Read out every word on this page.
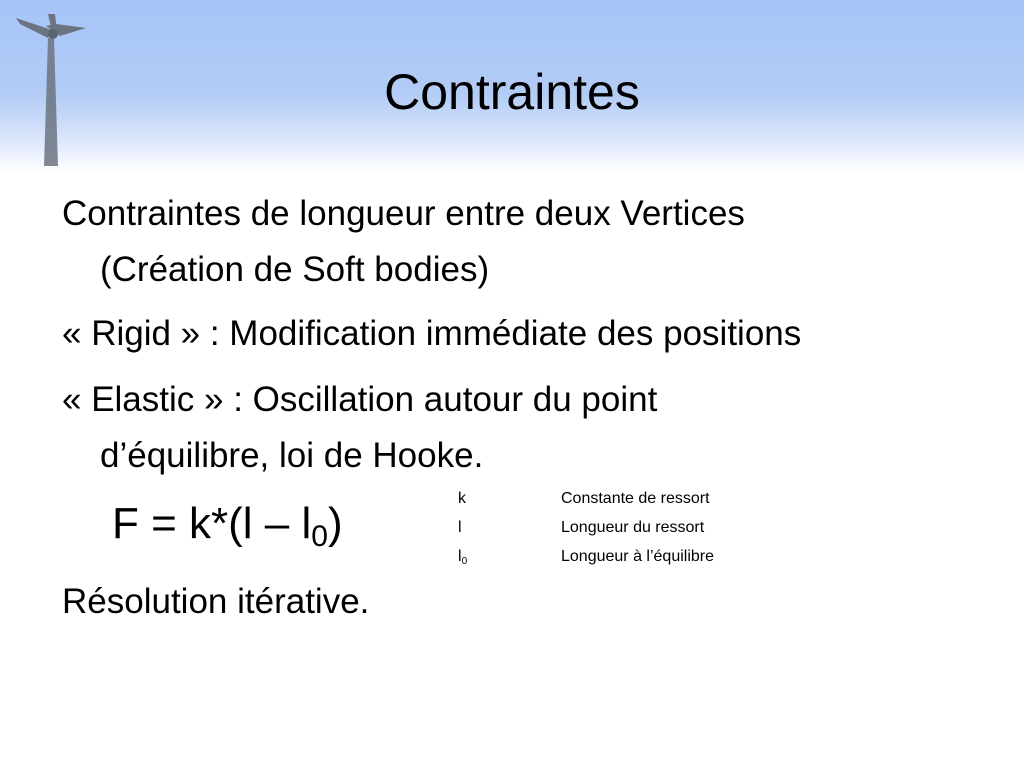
Contraintes
Contraintes de longueur entre deux Vertices
(Création de Soft bodies)
« Rigid » : Modification immédiate des positions
« Elastic » : Oscillation autour du point
d’équilibre, loi de Hooke.
$F = k*(l - l_0)$
k	Constante de ressort
l	Longueur du ressort
$l_0$	Longueur à l’équilibre
Résolution itérative.
